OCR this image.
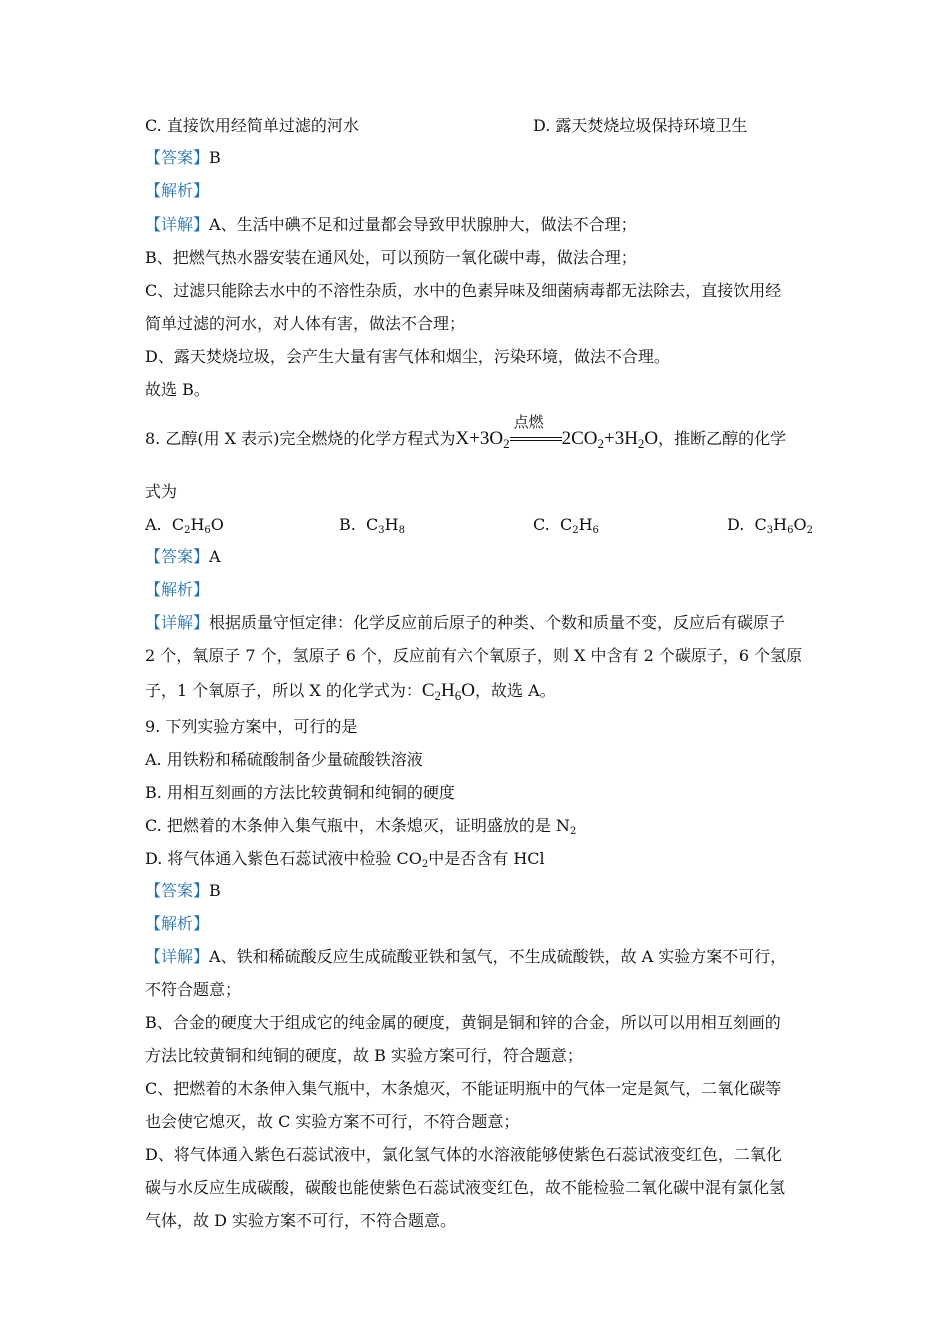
C. 直接饮用经简单过滤的河水	D. 露天焚烧垃圾保持环境卫生
【答案】B
【解析】
【详解】A、生活中碘不足和过量都会导致甲状腺肿大，做法不合理；
B、把燃气热水器安装在通风处，可以预防一氧化碳中毒，做法合理；
C、过滤只能除去水中的不溶性杂质，水中的色素异味及细菌病毒都无法除去，直接饮用经
简单过滤的河水，对人体有害，做法不合理；
D、露天焚烧垃圾，会产生大量有害气体和烟尘，污染环境，做法不合理。
故选 B。
8. 乙醇(用 X 表示)完全燃烧的化学方程式为$X+3O_2$
点燃
$2CO_2+3H_2O$，推断乙醇的化学
式为
A. $C_2H_6O$	B. $C_3H_8$	C. $C_2H_6$	D. $C_3H_6O_2$
【答案】A
【解析】
【详解】根据质量守恒定律：化学反应前后原子的种类、个数和质量不变，反应后有碳原子
2 个，氧原子 7 个，氢原子 6 个，反应前有六个氧原子，则 X 中含有 2 个碳原子，6 个氢原
子，1 个氧原子，所以 X 的化学式为：$C_2H_6O$，故选 A。
9. 下列实验方案中，可行的是
A. 用铁粉和稀硫酸制备少量硫酸铁溶液
B. 用相互刻画的方法比较黄铜和纯铜的硬度
C. 把燃着的木条伸入集气瓶中，木条熄灭，证明盛放的是 $N_2$
D. 将气体通入紫色石蕊试液中检验 $CO_2$中是否含有 HCl
【答案】B
【解析】
【详解】A、铁和稀硫酸反应生成硫酸亚铁和氢气，不生成硫酸铁，故 A 实验方案不可行，
不符合题意；
B、合金的硬度大于组成它的纯金属的硬度，黄铜是铜和锌的合金，所以可以用相互刻画的
方法比较黄铜和纯铜的硬度，故 B 实验方案可行，符合题意；
C、把燃着的木条伸入集气瓶中，木条熄灭，不能证明瓶中的气体一定是氮气，二氧化碳等
也会使它熄灭，故 C 实验方案不可行，不符合题意；
D、将气体通入紫色石蕊试液中，氯化氢气体的水溶液能够使紫色石蕊试液变红色，二氧化
碳与水反应生成碳酸，碳酸也能使紫色石蕊试液变红色，故不能检验二氧化碳中混有氯化氢
气体，故 D 实验方案不可行，不符合题意。
